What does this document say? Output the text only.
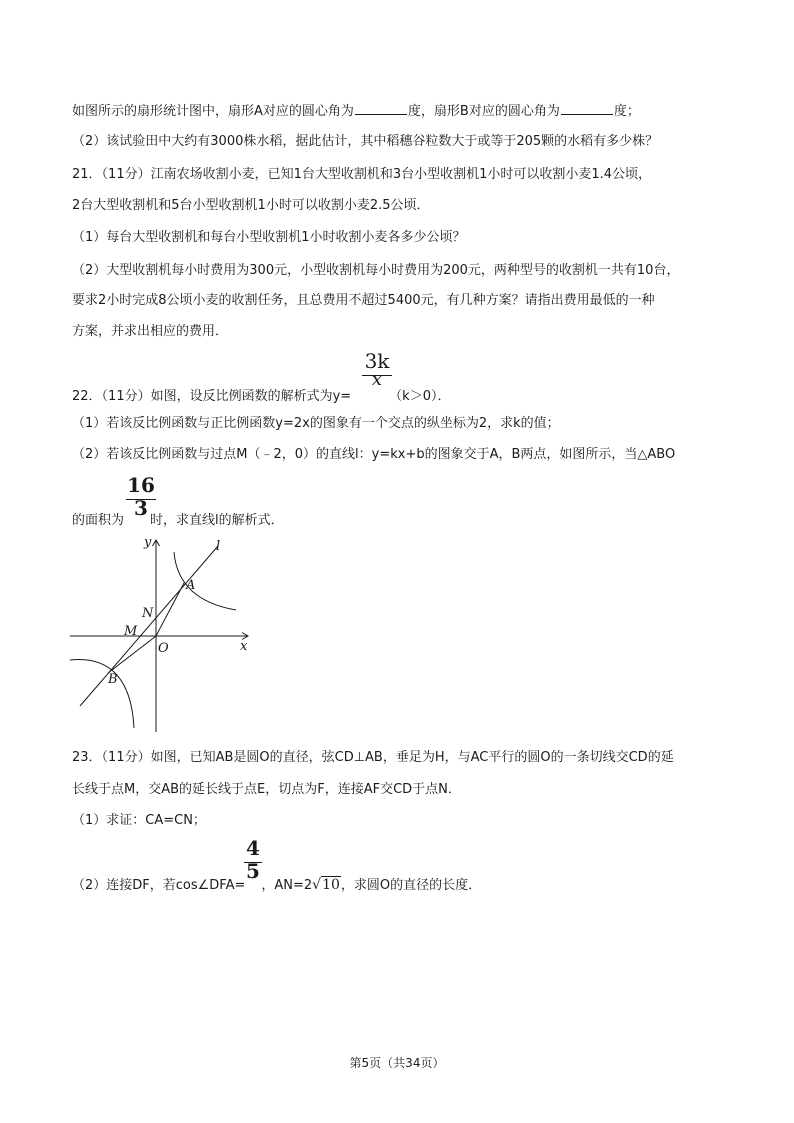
如图所示的扇形统计图中，扇形A对应的圆心角为	度，扇形B对应的圆心角为	度；
（2）该试验田中大约有3000株水稻，据此估计，其中稻穗谷粒数大于或等于205颗的水稻有多少株？
21．（11分）江南农场收割小麦，已知1台大型收割机和3台小型收割机1小时可以收割小麦1.4公顷，
2台大型收割机和5台小型收割机1小时可以收割小麦2.5公顷．
（1）每台大型收割机和每台小型收割机1小时收割小麦各多少公顷？
（2）大型收割机每小时费用为300元，小型收割机每小时费用为200元，两种型号的收割机一共有10台，
要求2小时完成8公顷小麦的收割任务，且总费用不超过5400元，有几种方案？请指出费用最低的一种
方案，并求出相应的费用．
3k
x
22．（11分）如图，设反比例函数的解析式为y=	（k＞0）．
（1）若该反比例函数与正比例函数y=2x的图象有一个交点的纵坐标为2，求k的值；
（2）若该反比例函数与过点M（﹣2，0）的直线l：y=kx+b的图象交于A，B两点，如图所示，当△ABO
16
3
的面积为 时，求直线l的解析式．
y
x
l
A
N
M
O
B
23．（11分）如图，已知AB是圆O的直径，弦CD⊥AB，垂足为H，与AC平行的圆O的一条切线交CD的延
长线于点M，交AB的延长线于点E，切点为F，连接AF交CD于点N．
（1）求证：CA=CN；
4
5
（2）连接DF，若cos∠DFA= ，AN=2√10，求圆O的直径的长度．
第5页（共34页）
